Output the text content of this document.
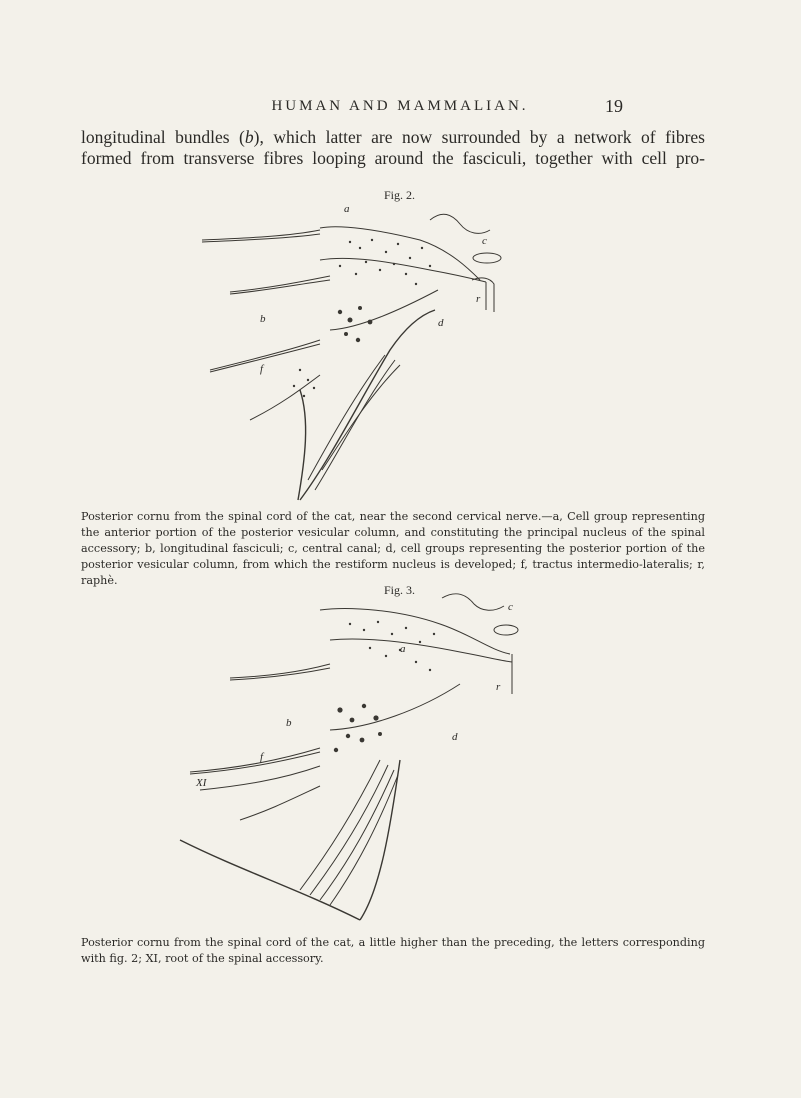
HUMAN AND MAMMALIAN.	19
longitudinal bundles (b), which latter are now surrounded by a network of fibres
formed from transverse fibres looping around the fasciculi, together with cell pro-
Fig. 2.
a
b
c
d
f
r
Posterior cornu from the spinal cord of the cat, near the second cervical nerve.—a, Cell group representing the anterior portion of the posterior vesicular column, and constituting the principal nucleus of the spinal accessory; b, longitudinal fasciculi; c, central canal; d, cell groups representing the posterior portion of the posterior vesicular column, from which the restiform nucleus is developed; f, tractus intermedio-lateralis; r, raphè.
Fig. 3.
a
b
c
d
f
r
XI
Posterior cornu from the spinal cord of the cat, a little higher than the preceding, the letters corresponding with fig. 2; XI, root of the spinal accessory.
